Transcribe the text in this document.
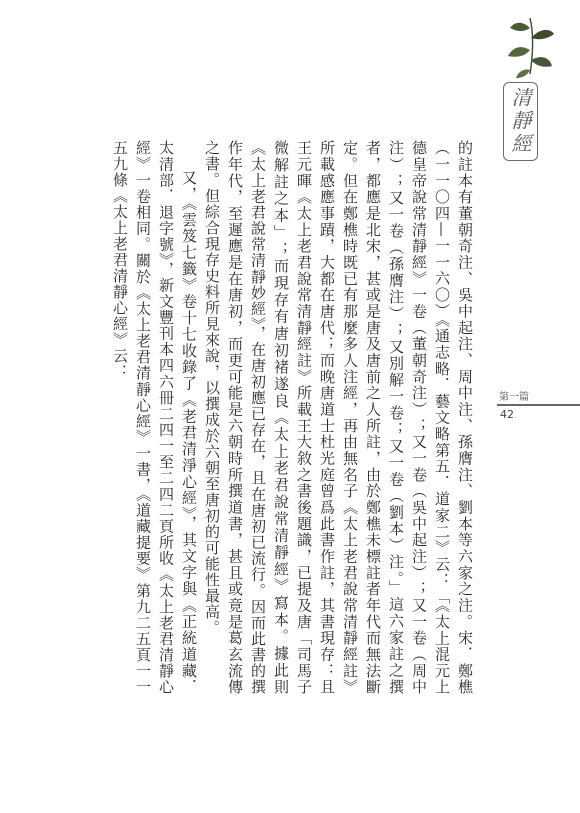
清靜經

的註本有董朝奇注、吳中起注、周中注、孫膺注、劉本等六家之注。宋．鄭樵（一一〇四—一一六〇）《通志略．藝文略第五．道家二》云：「《太上混元上德皇帝說常清靜經》一卷（董朝奇注）；又一卷（吳中起注）；又一卷（周中注）；又一卷（孫膺注）；又別解一卷；又一卷（劉本）注。」這六家註之撰者，都應是北宋，甚或是唐及唐前之人所註，由於鄭樵未標註者年代而無法斷定。但在鄭樵時既已有那麼多人注經，再由無名子《太上老君說常清靜經註》所載感應事蹟，大都在唐代；而晚唐道士杜光庭曾爲此書作註，其書現存：且王元暉《太上老君說常清靜經註》所載王大敘之書後題識，已提及唐「司馬子微解註之本」；而現存有唐初褚遂良《太上老君說常清靜經》寫本。據此則《太上老君說常清靜妙經》，在唐初應已存在，且在唐初已流行。因而此書的撰作年代，至遲應是在唐初，而更可能是六朝時所撰道書，甚且或竟是葛玄流傳之書。但綜合現存史料所見來說，以撰成於六朝至唐初的可能性最高。

又，《雲笈七籤》卷十七收錄了《老君清淨心經》，其文字與《正統道藏．太清部．退字號》，新文豐刊本四六冊二四一至二四二頁所收《太上老君清靜心經》一卷相同。關於《太上老君清靜心經》一書，《道藏提要》第九二五頁一一五九條《太上老君清靜心經》云：

第一篇
42
